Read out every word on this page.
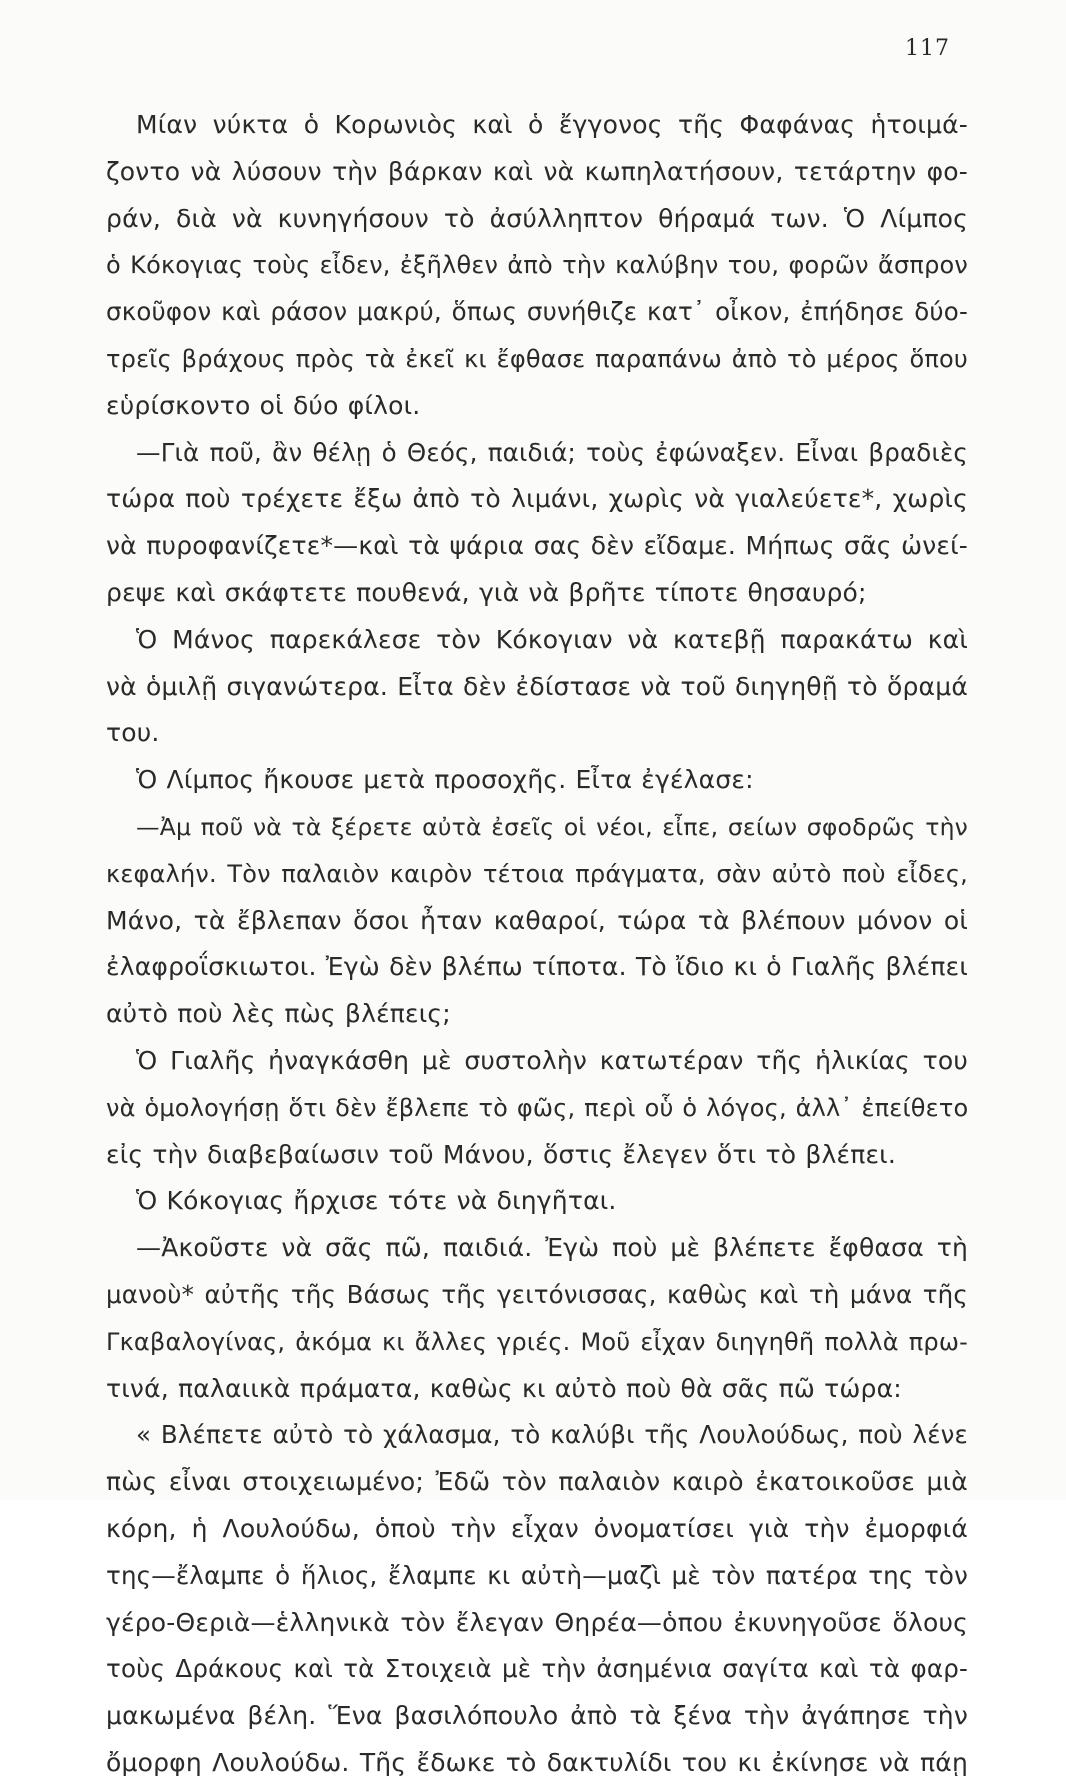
117
Μίαν νύκτα ὁ Κορωνιὸς καὶ ὁ ἔγγονος τῆς Φαφάνας ἡτοιμά-
ζοντο νὰ λύσουν τὴν βάρκαν καὶ νὰ κωπηλατήσουν, τετάρτην φο-
ράν, διὰ νὰ κυνηγήσουν τὸ ἀσύλληπτον θήραμά των. Ὁ Λίμπος
ὁ Κόκογιας τοὺς εἶδεν, ἐξῆλθεν ἀπὸ τὴν καλύβην του, φορῶν ἄσπρον
σκοῦφον καὶ ράσον μακρύ, ὅπως συνήθιζε κατ᾽ οἶκον, ἐπήδησε δύο-
τρεῖς βράχους πρὸς τὰ ἐκεῖ κι ἔφθασε παραπάνω ἀπὸ τὸ μέρος ὅπου
εὑρίσκοντο οἱ δύο φίλοι.
—Γιὰ ποῦ, ἂν θέλῃ ὁ Θεός, παιδιά; τοὺς ἐφώναξεν. Εἶναι βραδιὲς
τώρα ποὺ τρέχετε ἔξω ἀπὸ τὸ λιμάνι, χωρὶς νὰ γιαλεύετε*, χωρὶς
νὰ πυροφανίζετε*—καὶ τὰ ψάρια σας δὲν εἴδαμε. Μήπως σᾶς ὠνεί-
ρεψε καὶ σκάφτετε πουθενά, γιὰ νὰ βρῆτε τίποτε θησαυρό;
Ὁ Μάνος παρεκάλεσε τὸν Κόκογιαν νὰ κατεβῇ παρακάτω καὶ
νὰ ὁμιλῇ σιγανώτερα. Εἶτα δὲν ἐδίστασε νὰ τοῦ διηγηθῇ τὸ ὅραμά
του.
Ὁ Λίμπος ἤκουσε μετὰ προσοχῆς. Εἶτα ἐγέλασε:
—Ἀμ ποῦ νὰ τὰ ξέρετε αὐτὰ ἐσεῖς οἱ νέοι, εἶπε, σείων σφοδρῶς τὴν
κεφαλήν. Τὸν παλαιὸν καιρὸν τέτοια πράγματα, σὰν αὐτὸ ποὺ εἶδες,
Μάνο, τὰ ἔβλεπαν ὅσοι ἦταν καθαροί, τώρα τὰ βλέπουν μόνον οἱ
ἐλαφροΐσκιωτοι. Ἐγὼ δὲν βλέπω τίποτα. Τὸ ἴδιο κι ὁ Γιαλῆς βλέπει
αὐτὸ ποὺ λὲς πὼς βλέπεις;
Ὁ Γιαλῆς ἠναγκάσθη μὲ συστολὴν κατωτέραν τῆς ἡλικίας του
νὰ ὁμολογήσῃ ὅτι δὲν ἔβλεπε τὸ φῶς, περὶ οὗ ὁ λόγος, ἀλλ᾽ ἐπείθετο
εἰς τὴν διαβεβαίωσιν τοῦ Μάνου, ὅστις ἔλεγεν ὅτι τὸ βλέπει.
Ὁ Κόκογιας ἤρχισε τότε νὰ διηγῆται.
—Ἀκοῦστε νὰ σᾶς πῶ, παιδιά. Ἐγὼ ποὺ μὲ βλέπετε ἔφθασα τὴ
μανοὺ* αὐτῆς τῆς Βάσως τῆς γειτόνισσας, καθὼς καὶ τὴ μάνα τῆς
Γκαβαλογίνας, ἀκόμα κι ἄλλες γριές. Μοῦ εἶχαν διηγηθῆ πολλὰ πρω-
τινά, παλαιικὰ πράματα, καθὼς κι αὐτὸ ποὺ θὰ σᾶς πῶ τώρα:
« Βλέπετε αὐτὸ τὸ χάλασμα, τὸ καλύβι τῆς Λουλούδως, ποὺ λένε
πὼς εἶναι στοιχειωμένο; Ἐδῶ τὸν παλαιὸν καιρὸ ἐκατοικοῦσε μιὰ
κόρη, ἡ Λουλούδω, ὁποὺ τὴν εἶχαν ὀνοματίσει γιὰ τὴν ἐμορφιά
της—ἔλαμπε ὁ ἥλιος, ἔλαμπε κι αὐτὴ—μαζὶ μὲ τὸν πατέρα της τὸν
γέρο-Θεριὰ—ἑλληνικὰ τὸν ἔλεγαν Θηρέα—ὁπου ἐκυνηγοῦσε ὅλους
τοὺς Δράκους καὶ τὰ Στοιχειὰ μὲ τὴν ἀσημένια σαγίτα καὶ τὰ φαρ-
μακωμένα βέλη. Ἕνα βασιλόπουλο ἀπὸ τὰ ξένα τὴν ἀγάπησε τὴν
ὄμορφη Λουλούδω. Τῆς ἔδωκε τὸ δακτυλίδι του κι ἐκίνησε νὰ πάῃ
